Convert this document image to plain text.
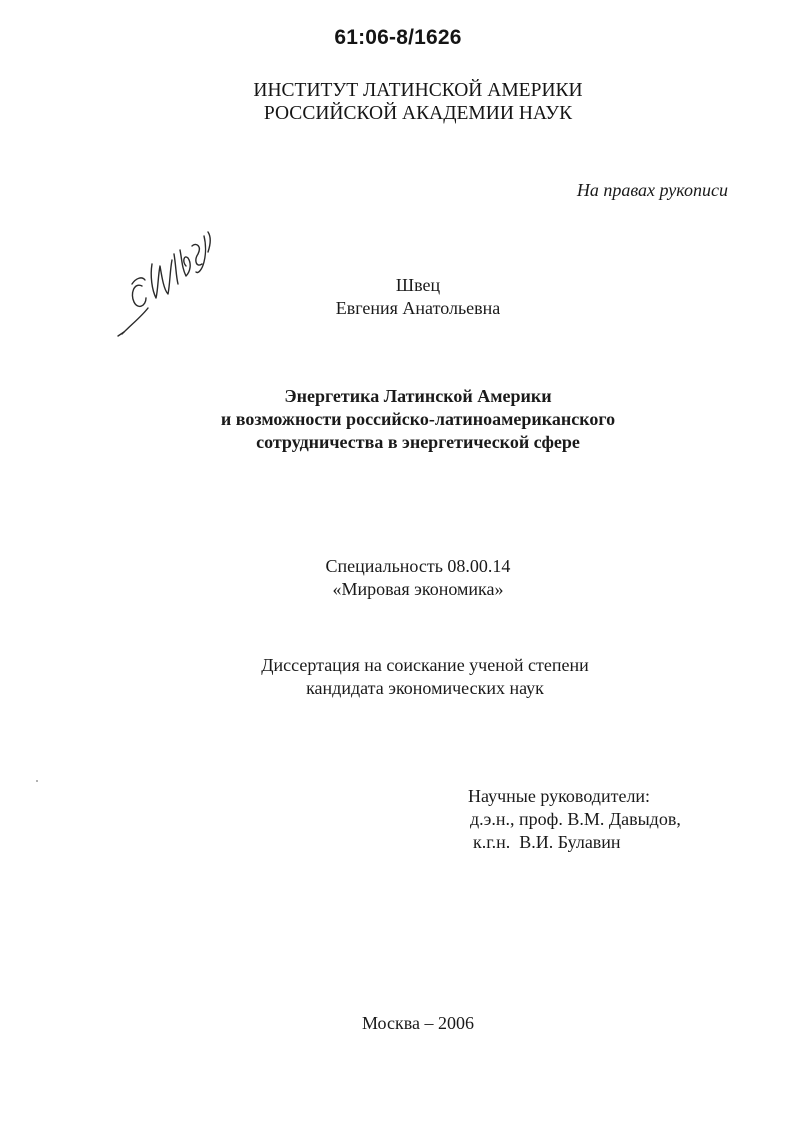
61:06-8/1626
ИНСТИТУТ ЛАТИНСКОЙ АМЕРИКИ
РОССИЙСКОЙ АКАДЕМИИ НАУК
На правах рукописи
Швец
Евгения Анатольевна
Энергетика Латинской Америки
и возможности российско-латиноамериканского
сотрудничества в энергетической сфере
Специальность 08.00.14
«Мировая экономика»
Диссертация на соискание ученой степени
кандидата экономических наук
Научные руководители:
д.э.н., проф. В.М. Давыдов,
к.г.н.  В.И. Булавин
Москва – 2006
